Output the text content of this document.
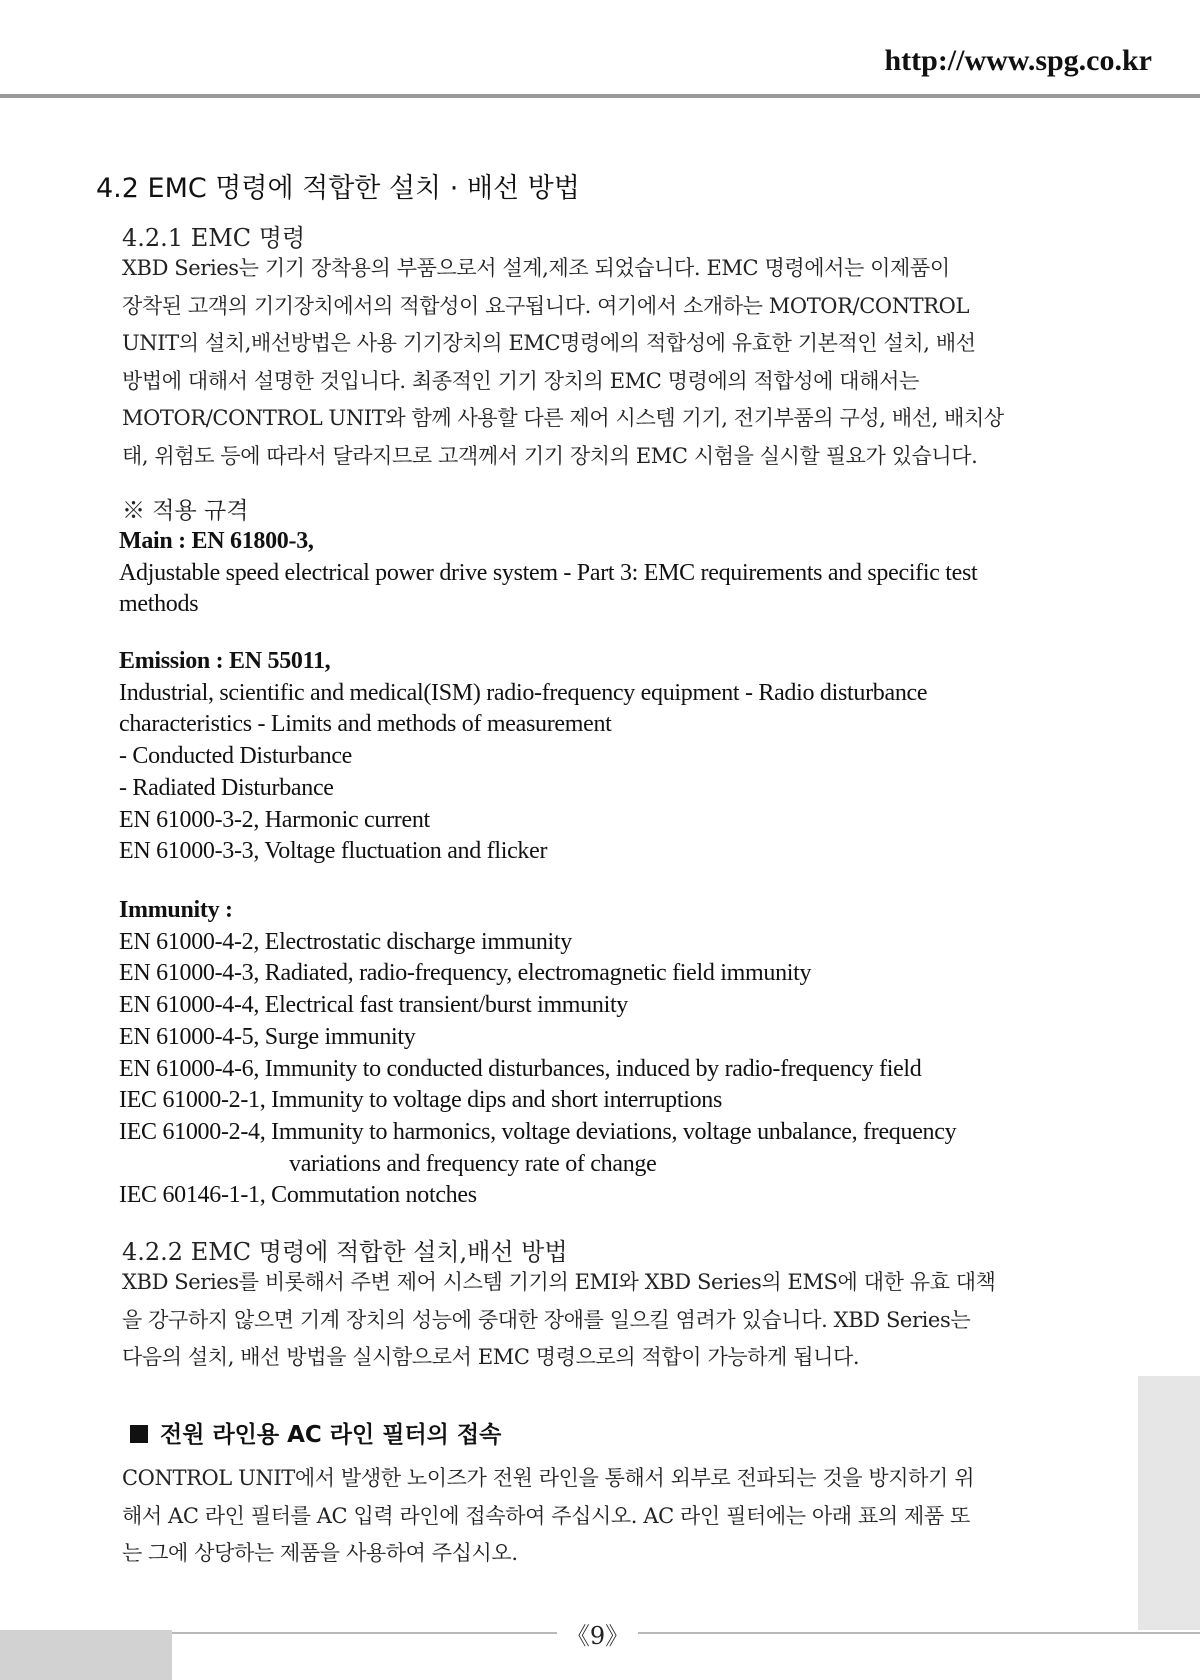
http://www.spg.co.kr
4.2 EMC 명령에 적합한 설치 · 배선 방법
4.2.1 EMC 명령
XBD Series는 기기 장착용의 부품으로서 설계,제조 되었습니다. EMC 명령에서는 이제품이
장착된 고객의 기기장치에서의 적합성이 요구됩니다. 여기에서 소개하는 MOTOR/CONTROL
UNIT의 설치,배선방법은 사용 기기장치의 EMC명령에의 적합성에 유효한 기본적인 설치, 배선
방법에 대해서 설명한 것입니다. 최종적인 기기 장치의 EMC 명령에의 적합성에 대해서는
MOTOR/CONTROL UNIT와 함께 사용할 다른 제어 시스템 기기, 전기부품의 구성, 배선, 배치상
태, 위험도 등에 따라서 달라지므로 고객께서 기기 장치의 EMC 시험을 실시할 필요가 있습니다.
※ 적용 규격
Main : EN 61800-3,
Adjustable speed electrical power drive system - Part 3: EMC requirements and specific test
methods
Emission : EN 55011,
Industrial, scientific and medical(ISM) radio-frequency equipment - Radio disturbance
characteristics - Limits and methods of measurement
- Conducted Disturbance
- Radiated Disturbance
EN 61000-3-2, Harmonic current
EN 61000-3-3, Voltage fluctuation and flicker
Immunity :
EN 61000-4-2, Electrostatic discharge immunity
EN 61000-4-3, Radiated, radio-frequency, electromagnetic field immunity
EN 61000-4-4, Electrical fast transient/burst immunity
EN 61000-4-5, Surge immunity
EN 61000-4-6, Immunity to conducted disturbances, induced by radio-frequency field
IEC 61000-2-1, Immunity to voltage dips and short interruptions
IEC 61000-2-4, Immunity to harmonics, voltage deviations, voltage unbalance, frequency
variations and frequency rate of change
IEC 60146-1-1, Commutation notches
4.2.2 EMC 명령에 적합한 설치,배선 방법
XBD Series를 비롯해서 주변 제어 시스템 기기의 EMI와 XBD Series의 EMS에 대한 유효 대책
을 강구하지 않으면 기계 장치의 성능에 중대한 장애를 일으킬 염려가 있습니다. XBD Series는
다음의 설치, 배선 방법을 실시함으로서 EMC 명령으로의 적합이 가능하게 됩니다.
전원 라인용 AC 라인 필터의 접속
CONTROL UNIT에서 발생한 노이즈가 전원 라인을 통해서 외부로 전파되는 것을 방지하기 위
해서 AC 라인 필터를 AC 입력 라인에 접속하여 주십시오. AC 라인 필터에는 아래 표의 제품 또
는 그에 상당하는 제품을 사용하여 주십시오.
《9》
